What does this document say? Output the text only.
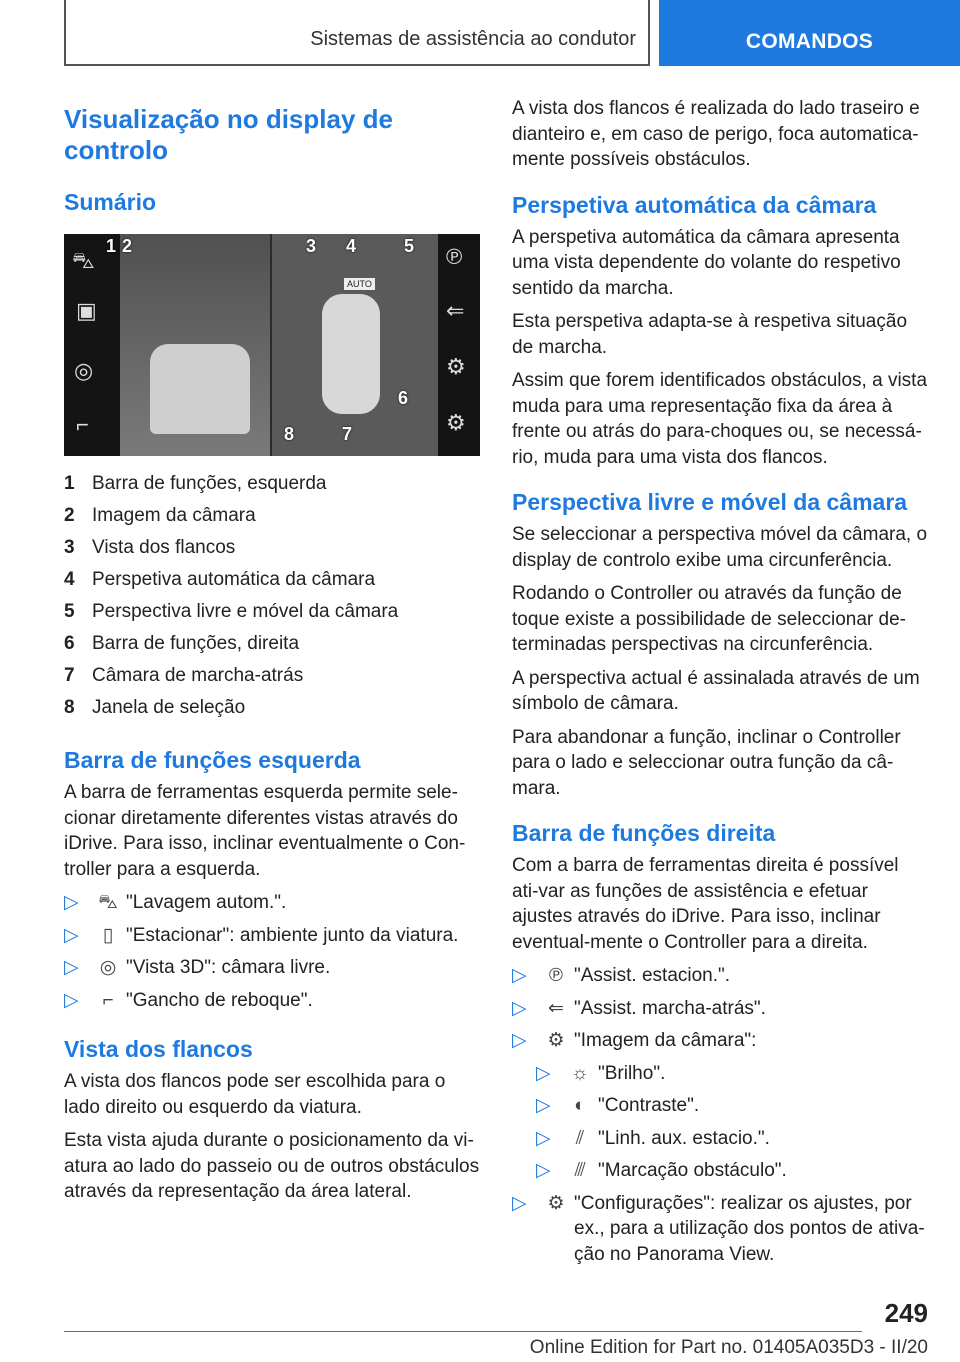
Sistemas de assistência ao condutor	COMANDOS
Visualização no display de controlo
Sumário
⛍
▣
◎
⌐
AUTO
℗
⇐
⚙
⚙
1 2	3 4	5
6
7
8
1 Barra de funções, esquerda
2 Imagem da câmara
3 Vista dos flancos
4 Perspetiva automática da câmara
5 Perspectiva livre e móvel da câmara
6 Barra de funções, direita
7 Câmara de marcha-atrás
8 Janela de seleção
Barra de funções esquerda

A barra de ferramentas esquerda permite sele-cionar diretamente diferentes vistas através do iDrive. Para isso, inclinar eventualmente o Con-troller para a esquerda.

▷	⛍ "Lavagem autom.".
▷	▯ "Estacionar": ambiente junto da viatura.
▷	◎ "Vista 3D": câmara livre.
▷	⌐ "Gancho de reboque".
Vista dos flancos

A vista dos flancos pode ser escolhida para o lado direito ou esquerdo da viatura.

Esta vista ajuda durante o posicionamento da vi-atura ao lado do passeio ou de outros obstáculos através da representação da área lateral.

A vista dos flancos é realizada do lado traseiro e dianteiro e, em caso de perigo, foca automatica-mente possíveis obstáculos.

Perspetiva automática da câmara

A perspetiva automática da câmara apresenta uma vista dependente do volante do respetivo sentido da marcha.

Esta perspetiva adapta-se à respetiva situação de marcha.

Assim que forem identificados obstáculos, a vista muda para uma representação fixa da área à frente ou atrás do para-choques ou, se necessá-rio, muda para uma vista dos flancos.

Perspectiva livre e móvel da câmara

Se seleccionar a perspectiva móvel da câmara, o display de controlo exibe uma circunferência.

Rodando o Controller ou através da função de toque existe a possibilidade de seleccionar de-terminadas perspectivas na circunferência.

A perspectiva actual é assinalada através de um símbolo de câmara.

Para abandonar a função, inclinar o Controller para o lado e seleccionar outra função da câ-mara.

Barra de funções direita

Com a barra de ferramentas direita é possível ati-var as funções de assistência e efetuar ajustes através do iDrive. Para isso, inclinar eventual-mente o Controller para a direita.

▷	℗ "Assist. estacion.".
▷	⇐ "Assist. marcha-atrás".
▷	⚙ "Imagem da câmara":
▷	☼ "Brilho".
▷	◐ "Contraste".
▷	⫽ "Linh. aux. estacio.".
▷	⫻ "Marcação obstáculo".
▷	⚙ "Configurações": realizar os ajustes, por ex., para a utilização dos pontos de ativa-ção no Panorama View.
249
Online Edition for Part no. 01405A035D3 - II/20
